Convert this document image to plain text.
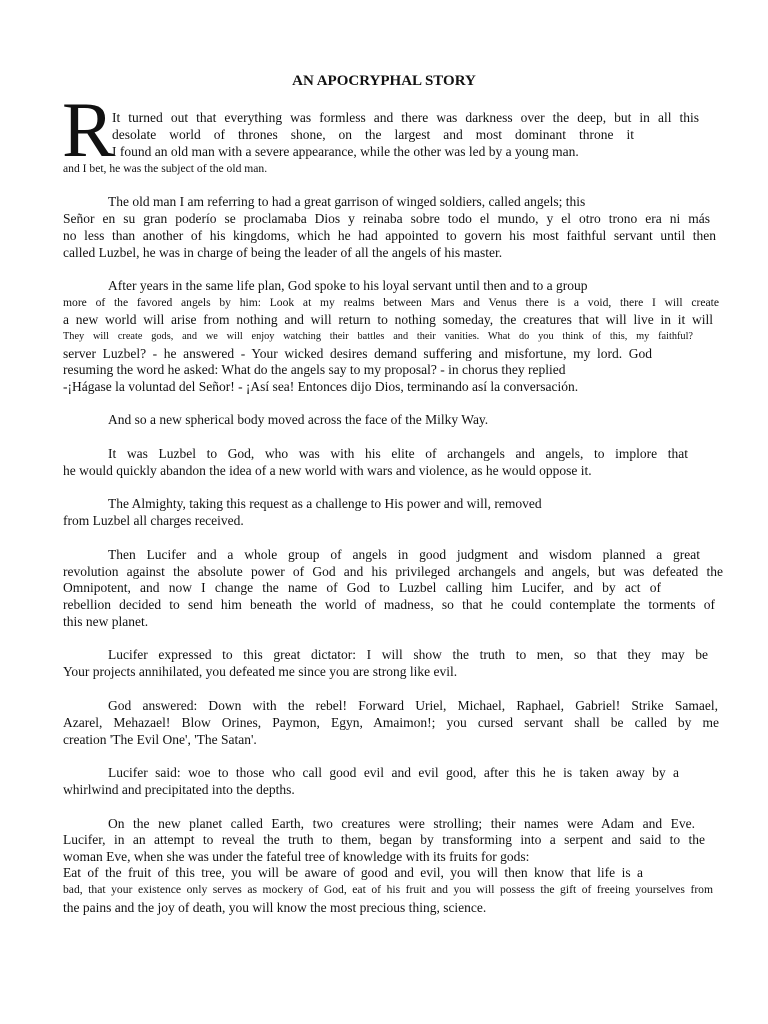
AN APOCRYPHAL STORY
R
It turned out that everything was formless and there was darkness over the deep, but in all this
desolate world of thrones shone, on the largest and most dominant throne it
I found an old man with a severe appearance, while the other was led by a young man.
and I bet, he was the subject of the old man.
The old man I am referring to had a great garrison of winged soldiers, called angels; this
Señor en su gran poderío se proclamaba Dios y reinaba sobre todo el mundo, y el otro trono era ni más
no less than another of his kingdoms, which he had appointed to govern his most faithful servant until then
called Luzbel, he was in charge of being the leader of all the angels of his master.
After years in the same life plan, God spoke to his loyal servant until then and to a group
more of the favored angels by him: Look at my realms between Mars and Venus there is a void, there I will create
a new world will arise from nothing and will return to nothing someday, the creatures that will live in it will
They will create gods, and we will enjoy watching their battles and their vanities. What do you think of this, my faithful?
server Luzbel? - he answered - Your wicked desires demand suffering and misfortune, my lord. God
resuming the word he asked: What do the angels say to my proposal? - in chorus they replied
-¡Hágase la voluntad del Señor! - ¡Así sea! Entonces dijo Dios, terminando así la conversación.
And so a new spherical body moved across the face of the Milky Way.
It was Luzbel to God, who was with his elite of archangels and angels, to implore that
he would quickly abandon the idea of a new world with wars and violence, as he would oppose it.
The Almighty, taking this request as a challenge to His power and will, removed
from Luzbel all charges received.
Then Lucifer and a whole group of angels in good judgment and wisdom planned a great
revolution against the absolute power of God and his privileged archangels and angels, but was defeated the
Omnipotent, and now I change the name of God to Luzbel calling him Lucifer, and by act of
rebellion decided to send him beneath the world of madness, so that he could contemplate the torments of
this new planet.
Lucifer expressed to this great dictator: I will show the truth to men, so that they may be
Your projects annihilated, you defeated me since you are strong like evil.
God answered: Down with the rebel! Forward Uriel, Michael, Raphael, Gabriel! Strike Samael,
Azarel, Mehazael! Blow Orines, Paymon, Egyn, Amaimon!; you cursed servant shall be called by me
creation 'The Evil One', 'The Satan'.
Lucifer said: woe to those who call good evil and evil good, after this he is taken away by a
whirlwind and precipitated into the depths.
On the new planet called Earth, two creatures were strolling; their names were Adam and Eve.
Lucifer, in an attempt to reveal the truth to them, began by transforming into a serpent and said to the
woman Eve, when she was under the fateful tree of knowledge with its fruits for gods:
Eat of the fruit of this tree, you will be aware of good and evil, you will then know that life is a
bad, that your existence only serves as mockery of God, eat of his fruit and you will possess the gift of freeing yourselves from
the pains and the joy of death, you will know the most precious thing, science.
